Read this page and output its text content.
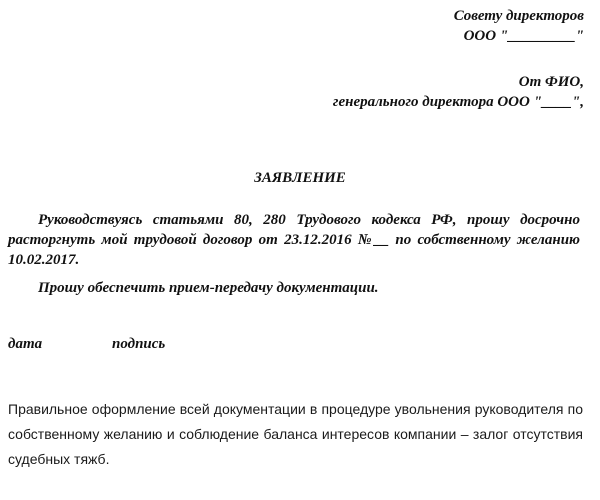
Совету директоров
ООО "_________"
От ФИО,
генерального директора ООО "____",
ЗАЯВЛЕНИЕ

Руководствуясь статьями 80, 280 Трудового кодекса РФ, прошу досрочно расторгнуть мой трудовой договор от 23.12.2016 №__ по собственному желанию 10.02.2017.

Прошу обеспечить прием-передачу документации.

дата	подпись
Правильное оформление всей документации в процедуре увольнения руководителя по собственному желанию и соблюдение баланса интересов компании – залог отсутствия судебных тяжб.
